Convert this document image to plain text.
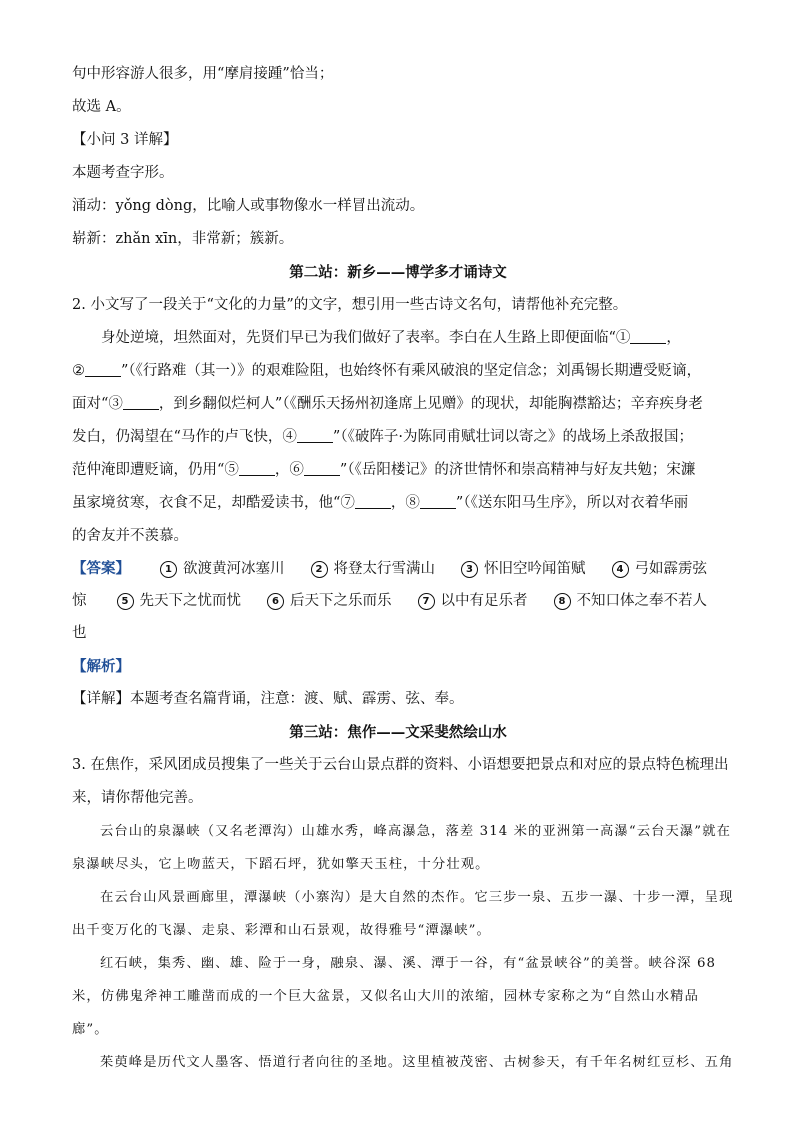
句中形容游人很多，用“摩肩接踵”恰当；
故选 A。
【小问 3 详解】
本题考查字形。
涌动：yǒng dòng，比喻人或事物像水一样冒出流动。
崭新：zhǎn xīn，非常新；簇新。
第二站：新乡——博学多才诵诗文
2. 小文写了一段关于“文化的力量”的文字，想引用一些古诗文名句，请帮他补充完整。
身处逆境，坦然面对，先贤们早已为我们做好了表率。李白在人生路上即便面临“① ，
② ”（《行路难（其一）》的艰难险阻，也始终怀有乘风破浪的坚定信念；刘禹锡长期遭受贬谪，
面对“③ ，到乡翻似烂柯人”（《酬乐天扬州初逢席上见赠》的现状，却能胸襟豁达；辛弃疾身老
发白，仍渴望在“马作的卢飞快，④ ”（《破阵子·为陈同甫赋壮词以寄之》的战场上杀敌报国；
范仲淹即遭贬谪，仍用“⑤ ，⑥ ”（《岳阳楼记》的济世情怀和崇高精神与好友共勉；宋濂
虽家境贫寒，衣食不足，却酷爱读书，他“⑦ ，⑧ ”（《送东阳马生序》，所以对衣着华丽
的舍友并不羡慕。
【答案】	1 欲渡黄河冰塞川	2 将登太行雪满山	3 怀旧空吟闻笛赋	4 弓如霹雳弦
惊	5 先天下之忧而忧	6 后天下之乐而乐	7 以中有足乐者	8 不知口体之奉不若人
也
【解析】
【详解】本题考查名篇背诵，注意：渡、赋、霹雳、弦、奉。
第三站：焦作——文采斐然绘山水
3. 在焦作，采风团成员搜集了一些关于云台山景点群的资料、小语想要把景点和对应的景点特色梳理出
来，请你帮他完善。
云台山的泉瀑峡（又名老潭沟）山雄水秀，峰高瀑急，落差 314 米的亚洲第一高瀑“云台天瀑”就在
泉瀑峡尽头，它上吻蓝天，下蹈石坪，犹如擎天玉柱，十分壮观。
在云台山风景画廊里，潭瀑峡（小寨沟）是大自然的杰作。它三步一泉、五步一瀑、十步一潭，呈现
出千变万化的飞瀑、走泉、彩潭和山石景观，故得雅号“潭瀑峡”。
红石峡，集秀、幽、雄、险于一身，融泉、瀑、溪、潭于一谷，有“盆景峡谷”的美誉。峡谷深 68
米，仿佛鬼斧神工雕凿而成的一个巨大盆景，又似名山大川的浓缩，园林专家称之为“自然山水精品
廊”。
茱萸峰是历代文人墨客、悟道行者向往的圣地。这里植被茂密、古树参天，有千年名树红豆杉、五角
